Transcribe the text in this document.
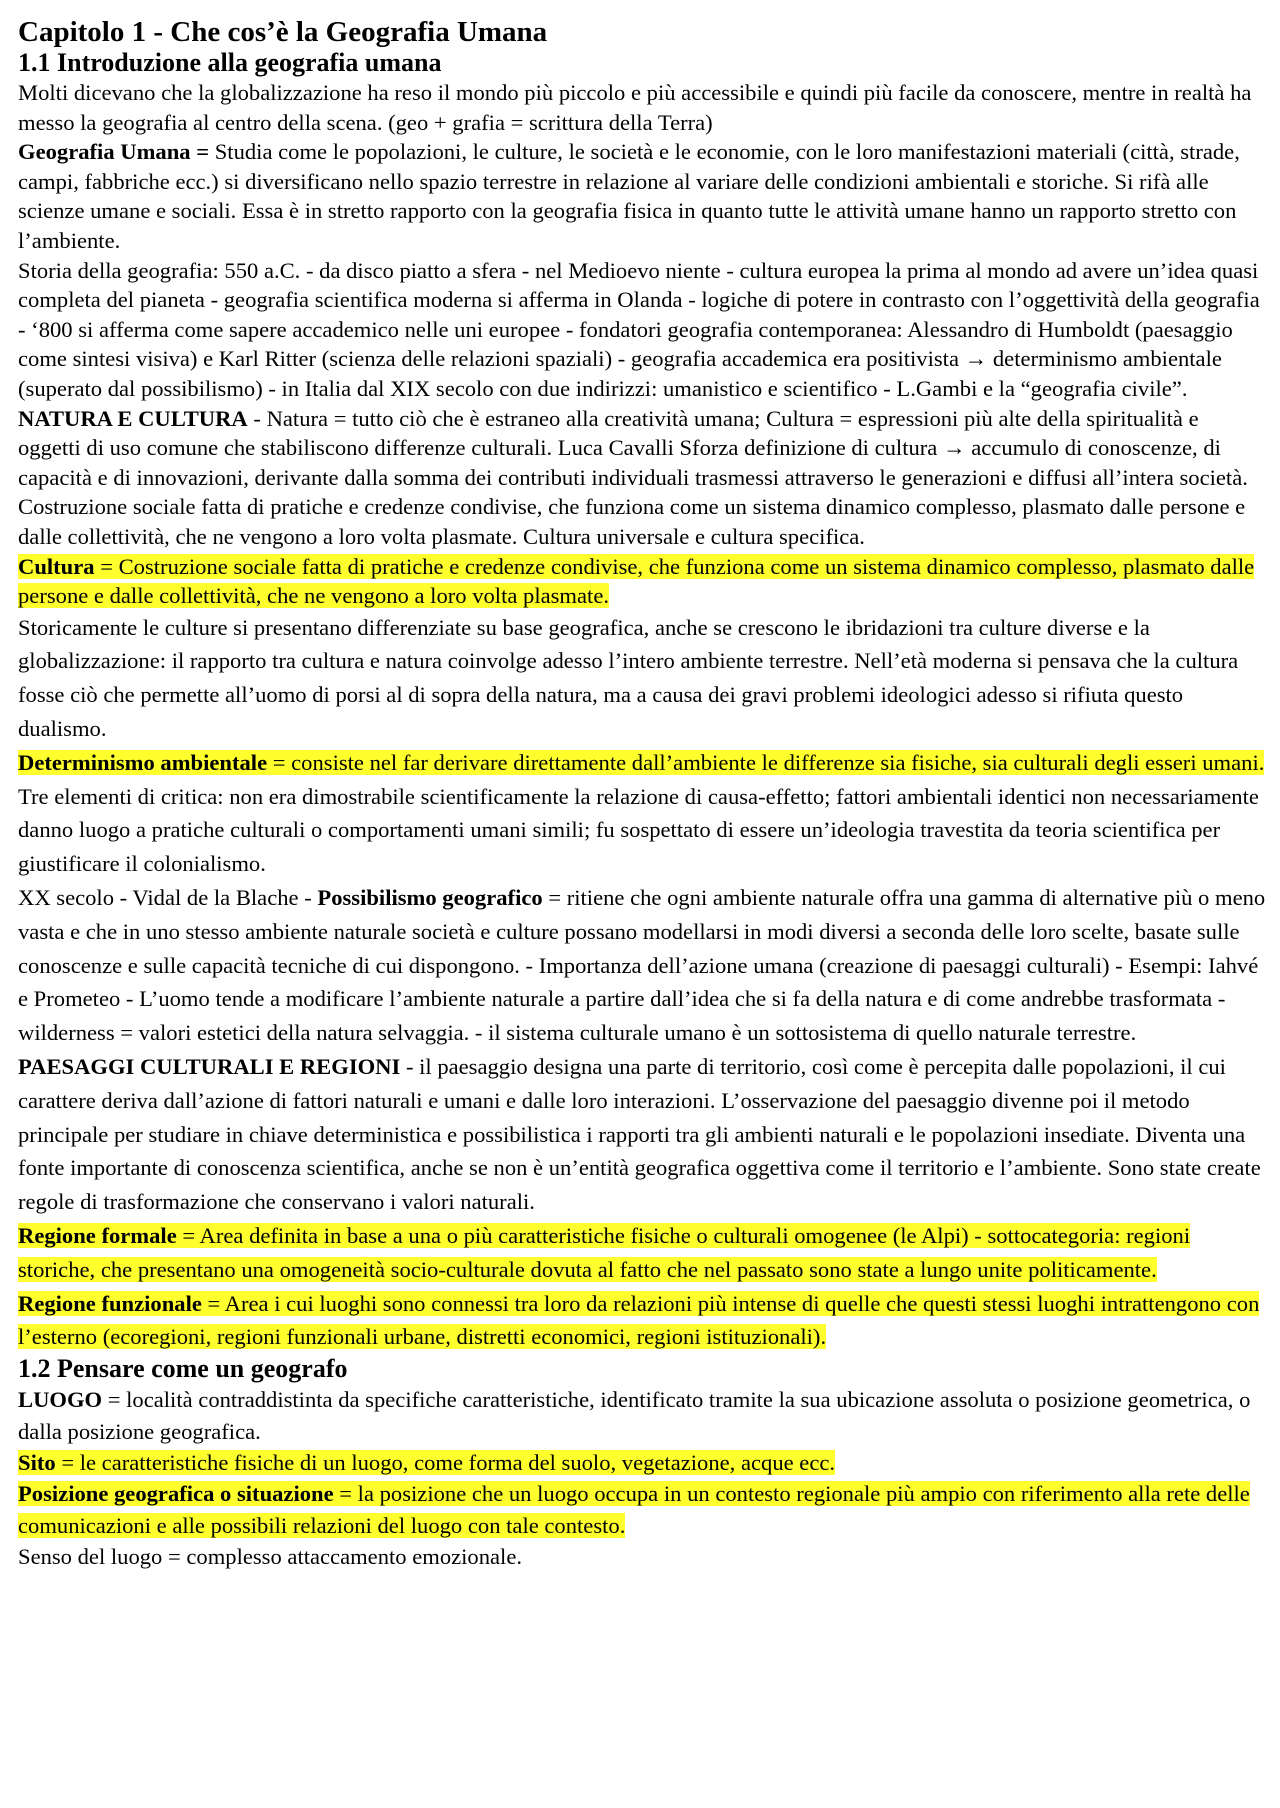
Capitolo 1 - Che cos’è la Geografia Umana
1.1 Introduzione alla geografia umana

Molti dicevano che la globalizzazione ha reso il mondo più piccolo e più accessibile e quindi più facile da conoscere, mentre in realtà ha messo la geografia al centro della scena. (geo + grafia = scrittura della Terra)

Geografia Umana = Studia come le popolazioni, le culture, le società e le economie, con le loro manifestazioni materiali (città, strade, campi, fabbriche ecc.) si diversificano nello spazio terrestre in relazione al variare delle condizioni ambientali e storiche. Si rifà alle scienze umane e sociali. Essa è in stretto rapporto con la geografia fisica in quanto tutte le attività umane hanno un rapporto stretto con l’ambiente.

Storia della geografia: 550 a.C. - da disco piatto a sfera - nel Medioevo niente - cultura europea la prima al mondo ad avere un’idea quasi completa del pianeta - geografia scientifica moderna si afferma in Olanda - logiche di potere in contrasto con l’oggettività della geografia - ‘800 si afferma come sapere accademico nelle uni europee - fondatori geografia contemporanea: Alessandro di Humboldt (paesaggio come sintesi visiva) e Karl Ritter (scienza delle relazioni spaziali) - geografia accademica era positivista → determinismo ambientale (superato dal possibilismo) - in Italia dal XIX secolo con due indirizzi: umanistico e scientifico - L.Gambi e la “geografia civile”.

NATURA E CULTURA - Natura = tutto ciò che è estraneo alla creatività umana; Cultura = espressioni più alte della spiritualità e oggetti di uso comune che stabiliscono differenze culturali. Luca Cavalli Sforza definizione di cultura → accumulo di conoscenze, di capacità e di innovazioni, derivante dalla somma dei contributi individuali trasmessi attraverso le generazioni e diffusi all’intera società. Costruzione sociale fatta di pratiche e credenze condivise, che funziona come un sistema dinamico complesso, plasmato dalle persone e dalle collettività, che ne vengono a loro volta plasmate. Cultura universale e cultura specifica.

Cultura = Costruzione sociale fatta di pratiche e credenze condivise, che funziona come un sistema dinamico complesso, plasmato dalle persone e dalle collettività, che ne vengono a loro volta plasmate.

Storicamente le culture si presentano differenziate su base geografica, anche se crescono le ibridazioni tra culture diverse e la globalizzazione: il rapporto tra cultura e natura coinvolge adesso l’intero ambiente terrestre. Nell’età moderna si pensava che la cultura fosse ciò che permette all’uomo di porsi al di sopra della natura, ma a causa dei gravi problemi ideologici adesso si rifiuta questo dualismo.

Determinismo ambientale = consiste nel far derivare direttamente dall’ambiente le differenze sia fisiche, sia culturali degli esseri umani. Tre elementi di critica: non era dimostrabile scientificamente la relazione di causa-effetto; fattori ambientali identici non necessariamente danno luogo a pratiche culturali o comportamenti umani simili; fu sospettato di essere un’ideologia travestita da teoria scientifica per giustificare il colonialismo.

XX secolo - Vidal de la Blache - Possibilismo geografico = ritiene che ogni ambiente naturale offra una gamma di alternative più o meno vasta e che in uno stesso ambiente naturale società e culture possano modellarsi in modi diversi a seconda delle loro scelte, basate sulle conoscenze e sulle capacità tecniche di cui dispongono. - Importanza dell’azione umana (creazione di paesaggi culturali) - Esempi: Iahvé e Prometeo - L’uomo tende a modificare l’ambiente naturale a partire dall’idea che si fa della natura e di come andrebbe trasformata - wilderness = valori estetici della natura selvaggia. - il sistema culturale umano è un sottosistema di quello naturale terrestre.

PAESAGGI CULTURALI E REGIONI - il paesaggio designa una parte di territorio, così come è percepita dalle popolazioni, il cui carattere deriva dall’azione di fattori naturali e umani e dalle loro interazioni. L’osservazione del paesaggio divenne poi il metodo principale per studiare in chiave deterministica e possibilistica i rapporti tra gli ambienti naturali e le popolazioni insediate. Diventa una fonte importante di conoscenza scientifica, anche se non è un’entità geografica oggettiva come il territorio e l’ambiente. Sono state create regole di trasformazione che conservano i valori naturali.

Regione formale = Area definita in base a una o più caratteristiche fisiche o culturali omogenee (le Alpi) - sottocategoria: regioni storiche, che presentano una omogeneità socio-culturale dovuta al fatto che nel passato sono state a lungo unite politicamente.

Regione funzionale = Area i cui luoghi sono connessi tra loro da relazioni più intense di quelle che questi stessi luoghi intrattengono con l’esterno (ecoregioni, regioni funzionali urbane, distretti economici, regioni istituzionali).

1.2 Pensare come un geografo

LUOGO = località contraddistinta da specifiche caratteristiche, identificato tramite la sua ubicazione assoluta o posizione geometrica, o dalla posizione geografica.

Sito = le caratteristiche fisiche di un luogo, come forma del suolo, vegetazione, acque ecc.

Posizione geografica o situazione = la posizione che un luogo occupa in un contesto regionale più ampio con riferimento alla rete delle comunicazioni e alle possibili relazioni del luogo con tale contesto.

Senso del luogo = complesso attaccamento emozionale.
